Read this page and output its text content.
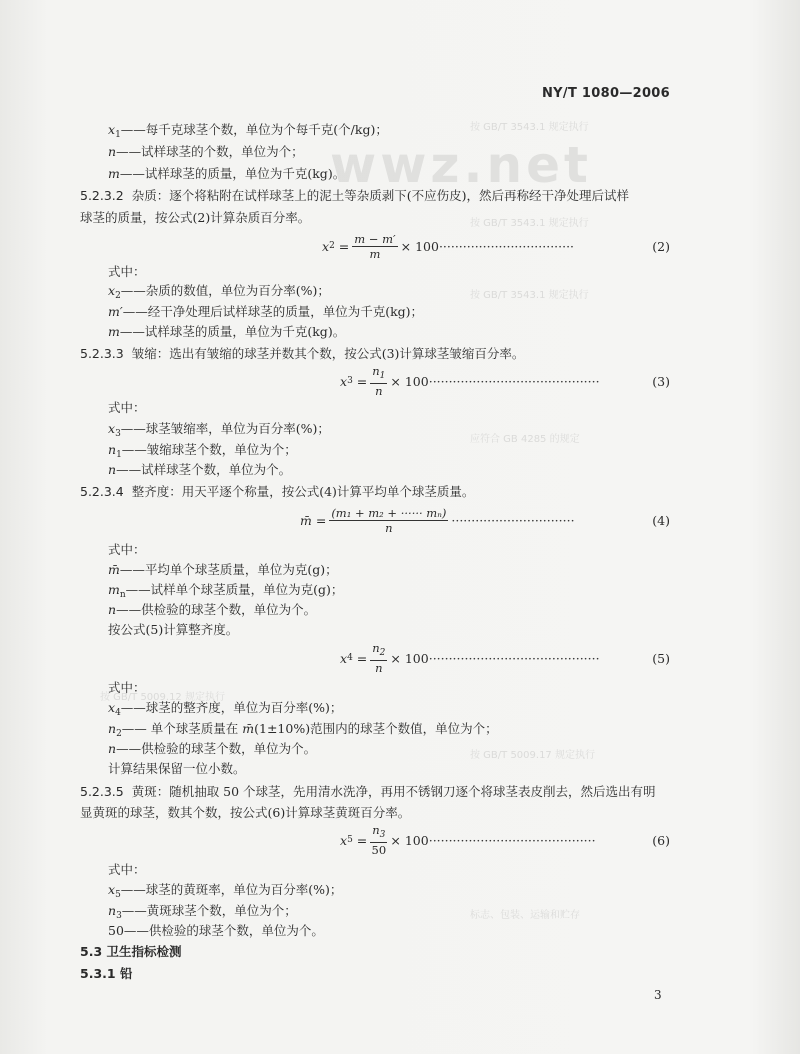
wwz.net
按 GB/T 3543.1 规定执行
按 GB/T 3543.1 规定执行
按 GB/T 3543.1 规定执行
应符合 GB 4285 的规定
按 GB/T 5009.12 规定执行
按 GB/T 5009.17 规定执行
标志、包装、运输和贮存
NY/T 1080—2006
$x_1——$每千克球茎个数，单位为个每千克(个/kg)；
n——试样球茎的个数，单位为个；
m——试样球茎的质量，单位为千克(kg)。
5.2.3.2 杂质：逐个将粘附在试样球茎上的泥土等杂质剥下(不应伤皮)，然后再称经干净处理后试样
球茎的质量，按公式(2)计算杂质百分率。
x $2 = \frac{m - m'}{m} \times 100$ ··································	(2)
式中：
$x_2——$杂质的数值，单位为百分率(%)；
m′——经干净处理后试样球茎的质量，单位为千克(kg)；
m——试样球茎的质量，单位为千克(kg)。
5.2.3.3 皱缩：选出有皱缩的球茎并数其个数，按公式(3)计算球茎皱缩百分率。
x $3 = \frac{n_1}{n} \times 100$ ···········································	(3)
式中：
$x_3——$球茎皱缩率，单位为百分率(%)；
$n_1——$皱缩球茎个数，单位为个；
n——试样球茎个数，单位为个。
5.2.3.4 整齐度：用天平逐个称量，按公式(4)计算平均单个球茎质量。
m̄ = $\frac{\text{(m₁ + m₂ + ······ mₙ)}}{n}$ ·······························	(4)
式中：
m̄——平均单个球茎质量，单位为克(g)；
$m_n——$试样单个球茎质量，单位为克(g)；
n——供检验的球茎个数，单位为个。
按公式(5)计算整齐度。
x $4 = \frac{n_2}{n} \times 100$ ···········································	(5)
式中：
$x_4——$球茎的整齐度，单位为百分率(%)；
$n_2——$ 单个球茎质量在 m̄(1±10%)范围内的球茎个数值，单位为个；
n——供检验的球茎个数，单位为个。
计算结果保留一位小数。
5.2.3.5 黄斑：随机抽取 50 个球茎，先用清水洗净，再用不锈钢刀逐个将球茎表皮削去，然后选出有明
显黄斑的球茎，数其个数，按公式(6)计算球茎黄斑百分率。
x $5 = \frac{n_3}{50} \times 100$ ··········································	(6)
式中：
$x_5——$球茎的黄斑率，单位为百分率(%)；
$n_3——$黄斑球茎个数，单位为个；
50——供检验的球茎个数，单位为个。
5.3 卫生指标检测
5.3.1 铅
3
